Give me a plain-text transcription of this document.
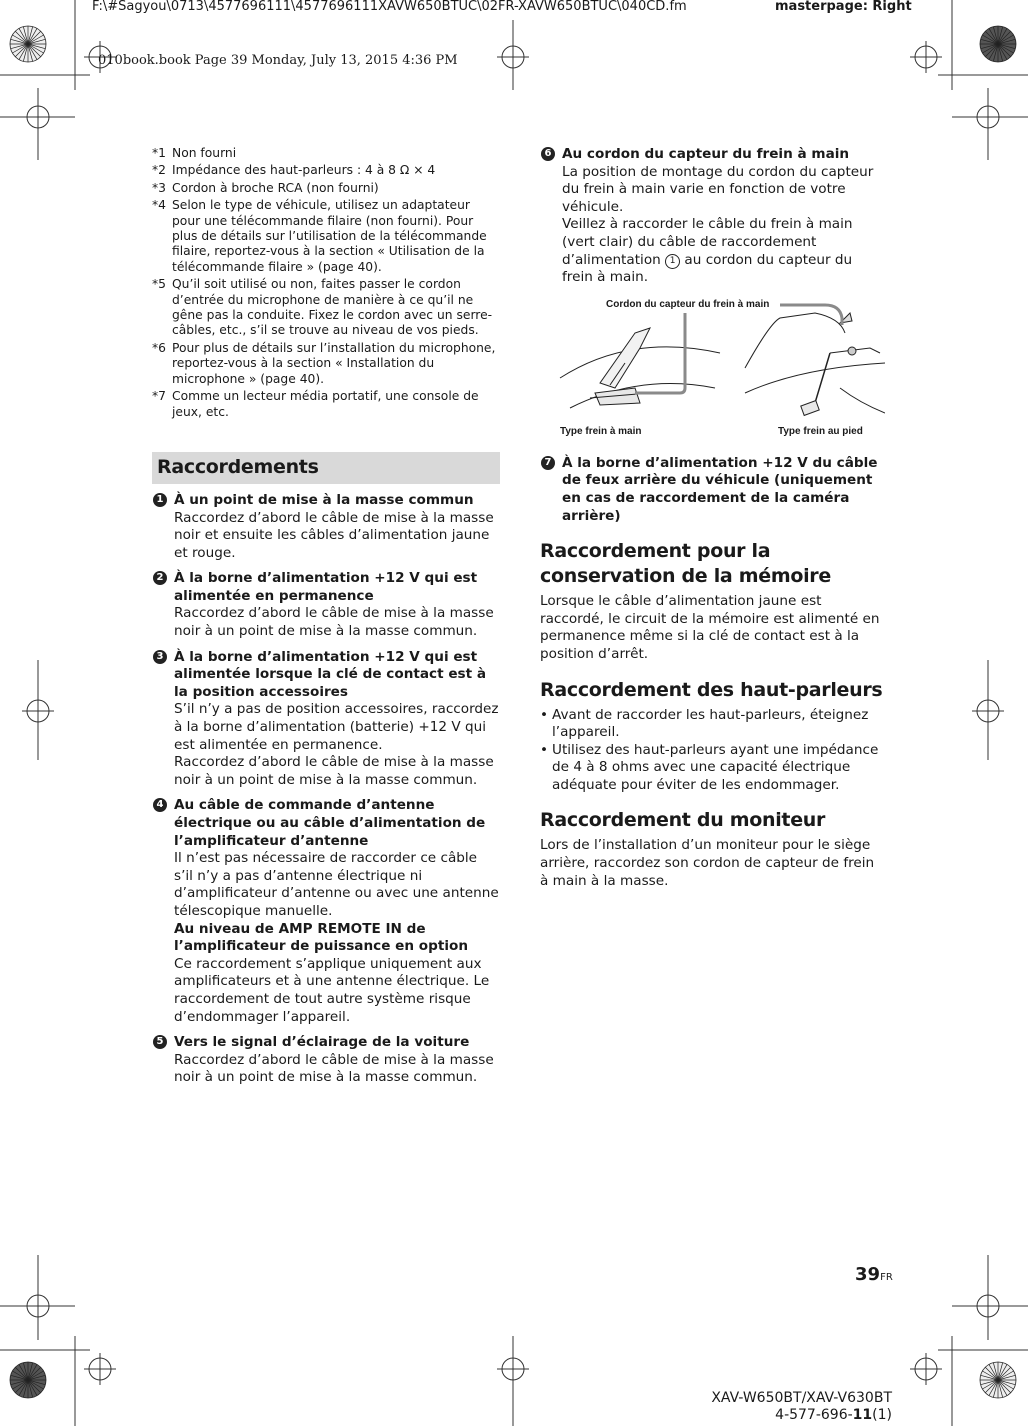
F:\#Sagyou\0713\4577696111\4577696111XAVW650BTUC\02FR-XAVW650BTUC\040CD.fm	masterpage: Right
010book.book Page 39 Monday, July 13, 2015 4:36 PM
*1 Non fourni
*2 Impédance des haut-parleurs : 4 à 8 Ω × 4
*3 Cordon à broche RCA (non fourni)
*4 Selon le type de véhicule, utilisez un adaptateur pour une télécommande filaire (non fourni). Pour plus de détails sur l’utilisation de la télécommande filaire, reportez-vous à la section « Utilisation de la télécommande filaire » (page 40).
*5 Qu’il soit utilisé ou non, faites passer le cordon d’entrée du microphone de manière à ce qu’il ne gêne pas la conduite. Fixez le cordon avec un serre-câbles, etc., s’il se trouve au niveau de vos pieds.
*6 Pour plus de détails sur l’installation du microphone, reportez-vous à la section « Installation du microphone » (page 40).
*7 Comme un lecteur média portatif, une console de jeux, etc.
Raccordements
1 À un point de mise à la masse commun
Raccordez d’abord le câble de mise à la masse noir et ensuite les câbles d’alimentation jaune et rouge.
2 À la borne d’alimentation +12 V qui est alimentée en permanence
Raccordez d’abord le câble de mise à la masse noir à un point de mise à la masse commun.
3 À la borne d’alimentation +12 V qui est alimentée lorsque la clé de contact est à la position accessoires
S’il n’y a pas de position accessoires, raccordez à la borne d’alimentation (batterie) +12 V qui est alimentée en permanence.
Raccordez d’abord le câble de mise à la masse noir à un point de mise à la masse commun.
4 Au câble de commande d’antenne électrique ou au câble d’alimentation de l’amplificateur d’antenne
Il n’est pas nécessaire de raccorder ce câble s’il n’y a pas d’antenne électrique ni d’amplificateur d’antenne ou avec une antenne télescopique manuelle.
Au niveau de AMP REMOTE IN de l’amplificateur de puissance en option
Ce raccordement s’applique uniquement aux amplificateurs et à une antenne électrique. Le raccordement de tout autre système risque d’endommager l’appareil.
5 Vers le signal d’éclairage de la voiture
Raccordez d’abord le câble de mise à la masse noir à un point de mise à la masse commun.
6 Au cordon du capteur du frein à main
La position de montage du cordon du capteur du frein à main varie en fonction de votre véhicule.
Veillez à raccorder le câble du frein à main (vert clair) du câble de raccordement d’alimentation 1 au cordon du capteur du frein à main.
Cordon du capteur du frein à main
Type frein à main	Type frein au pied
7 À la borne d’alimentation +12 V du câble de feux arrière du véhicule (uniquement en cas de raccordement de la caméra arrière)
Raccordement pour la conservation de la mémoire
Lorsque le câble d’alimentation jaune est raccordé, le circuit de la mémoire est alimenté en permanence même si la clé de contact est à la position d’arrêt.
Raccordement des haut-parleurs
• Avant de raccorder les haut-parleurs, éteignez l’appareil.
• Utilisez des haut-parleurs ayant une impédance de 4 à 8 ohms avec une capacité électrique adéquate pour éviter de les endommager.
Raccordement du moniteur
Lors de l’installation d’un moniteur pour le siège arrière, raccordez son cordon de capteur de frein à main à la masse.
39FR
XAV-W650BT/XAV-V630BT
4-577-696-11(1)
